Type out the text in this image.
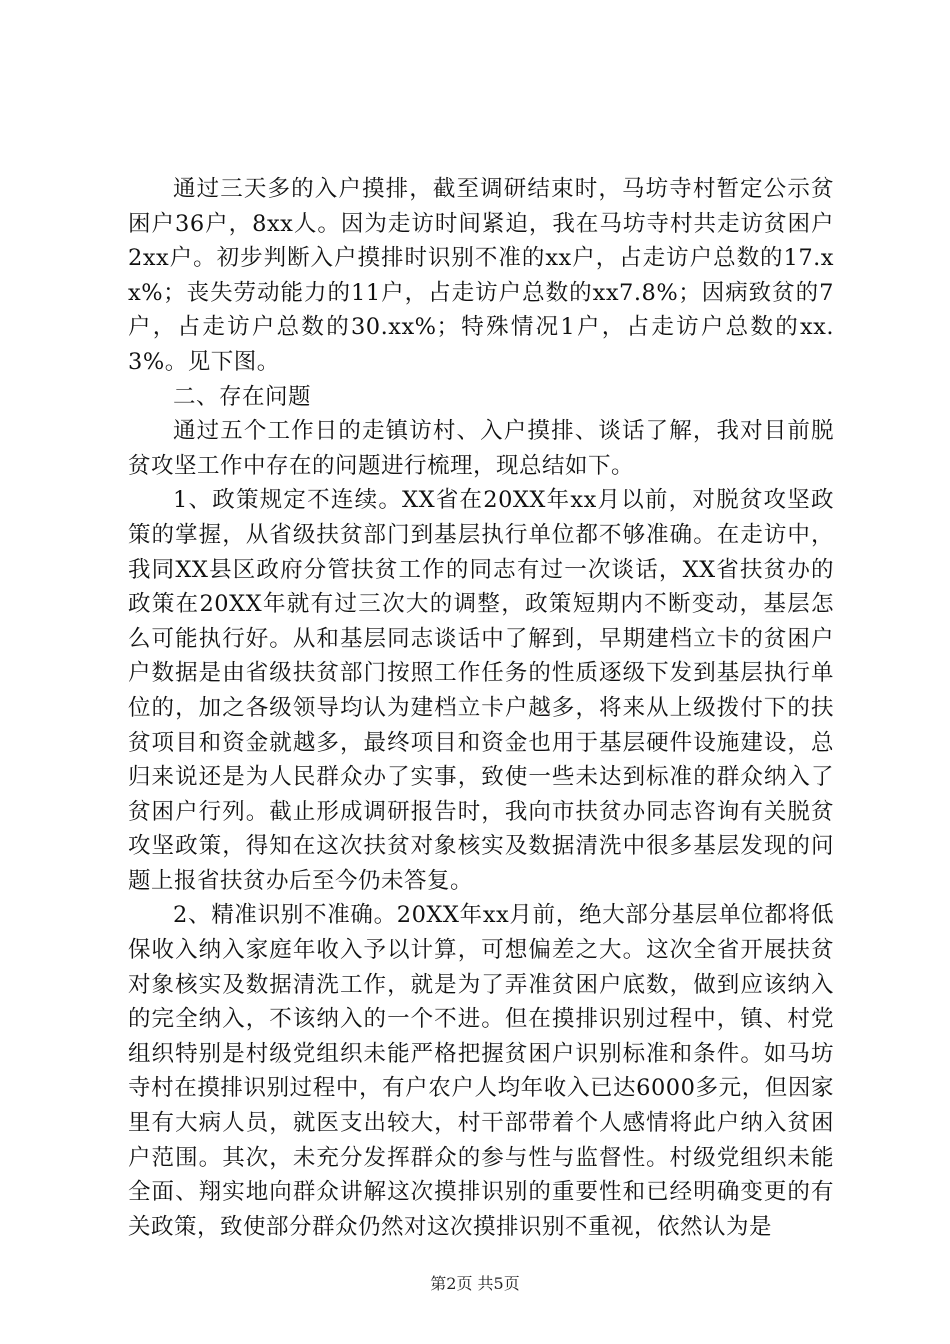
通过三天多的入户摸排，截至调研结束时，马坊寺村暂定公示贫困户36户，8xx人。因为走访时间紧迫，我在马坊寺村共走访贫困户2xx户。初步判断入户摸排时识别不准的xx户，占走访户总数的17.xx%；丧失劳动能力的11户，占走访户总数的xx7.8%；因病致贫的7户，占走访户总数的30.xx%；特殊情况1户，占走访户总数的xx.3%。见下图。

二、存在问题

通过五个工作日的走镇访村、入户摸排、谈话了解，我对目前脱贫攻坚工作中存在的问题进行梳理，现总结如下。

1、政策规定不连续。XX省在20XX年xx月以前，对脱贫攻坚政策的掌握，从省级扶贫部门到基层执行单位都不够准确。在走访中，我同XX县区政府分管扶贫工作的同志有过一次谈话，XX省扶贫办的政策在20XX年就有过三次大的调整，政策短期内不断变动，基层怎么可能执行好。从和基层同志谈话中了解到，早期建档立卡的贫困户户数据是由省级扶贫部门按照工作任务的性质逐级下发到基层执行单位的，加之各级领导均认为建档立卡户越多，将来从上级拨付下的扶贫项目和资金就越多，最终项目和资金也用于基层硬件设施建设，总归来说还是为人民群众办了实事，致使一些未达到标准的群众纳入了贫困户行列。截止形成调研报告时，我向市扶贫办同志咨询有关脱贫攻坚政策，得知在这次扶贫对象核实及数据清洗中很多基层发现的问题上报省扶贫办后至今仍未答复。

2、精准识别不准确。20XX年xx月前，绝大部分基层单位都将低保收入纳入家庭年收入予以计算，可想偏差之大。这次全省开展扶贫对象核实及数据清洗工作，就是为了弄准贫困户底数，做到应该纳入的完全纳入，不该纳入的一个不进。但在摸排识别过程中，镇、村党组织特别是村级党组织未能严格把握贫困户识别标准和条件。如马坊寺村在摸排识别过程中，有户农户人均年收入已达6000多元，但因家里有大病人员，就医支出较大，村干部带着个人感情将此户纳入贫困户范围。其次，未充分发挥群众的参与性与监督性。村级党组织未能全面、翔实地向群众讲解这次摸排识别的重要性和已经明确变更的有关政策，致使部分群众仍然对这次摸排识别不重视，依然认为是

第2页 共5页
